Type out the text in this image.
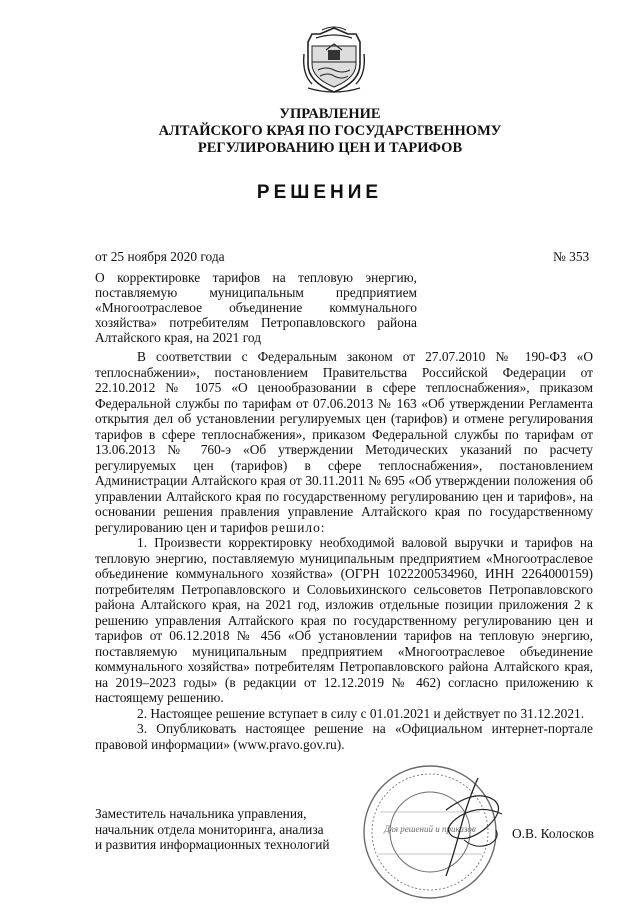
УПРАВЛЕНИЕ
АЛТАЙСКОГО КРАЯ ПО ГОСУДАРСТВЕННОМУ
РЕГУЛИРОВАНИЮ ЦЕН И ТАРИФОВ
РЕШЕНИЕ
от 25 ноября 2020 года	№ 353
О корректировке тарифов на тепловую энергию, поставляемую муниципальным предприятием «Многоотраслевое объединение коммунального хозяйства» потребителям Петропавловского района Алтайского края, на 2021 год

В соответствии с Федеральным законом от 27.07.2010 № 190-ФЗ «О теплоснабжении», постановлением Правительства Российской Федерации от 22.10.2012 № 1075 «О ценообразовании в сфере теплоснабжения», приказом Федеральной службы по тарифам от 07.06.2013 № 163 «Об утверждении Регламента открытия дел об установлении регулируемых цен (тарифов) и отмене регулирования тарифов в сфере теплоснабжения», приказом Федеральной службы по тарифам от 13.06.2013 № 760-э «Об утверждении Методических указаний по расчету регулируемых цен (тарифов) в сфере теплоснабжения», постановлением Администрации Алтайского края от 30.11.2011 № 695 «Об утверждении положения об управлении Алтайского края по государственному регулированию цен и тарифов», на основании решения правления управление Алтайского края по государственному регулированию цен и тарифов решило:

1. Произвести корректировку необходимой валовой выручки и тарифов на тепловую энергию, поставляемую муниципальным предприятием «Многоотраслевое объединение коммунального хозяйства» (ОГРН 1022200534960, ИНН 2264000159) потребителям Петропавловского и Соловьихинского сельсоветов Петропавловского района Алтайского края, на 2021 год, изложив отдельные позиции приложения 2 к решению управления Алтайского края по государственному регулированию цен и тарифов от 06.12.2018 № 456 «Об установлении тарифов на тепловую энергию, поставляемую муниципальным предприятием «Многоотраслевое объединение коммунального хозяйства» потребителям Петропавловского района Алтайского края, на 2019–2023 годы» (в редакции от 12.12.2019 № 462) согласно приложению к настоящему решению.

2. Настоящее решение вступает в силу с 01.01.2021 и действует по 31.12.2021.

3. Опубликовать настоящее решение на «Официальном интернет-портале правовой информации» (www.pravo.gov.ru).

Заместитель начальника управления,
начальник отдела мониторинга, анализа
и развития информационных технологий
Для решений и приказов	О.В. Колосков
